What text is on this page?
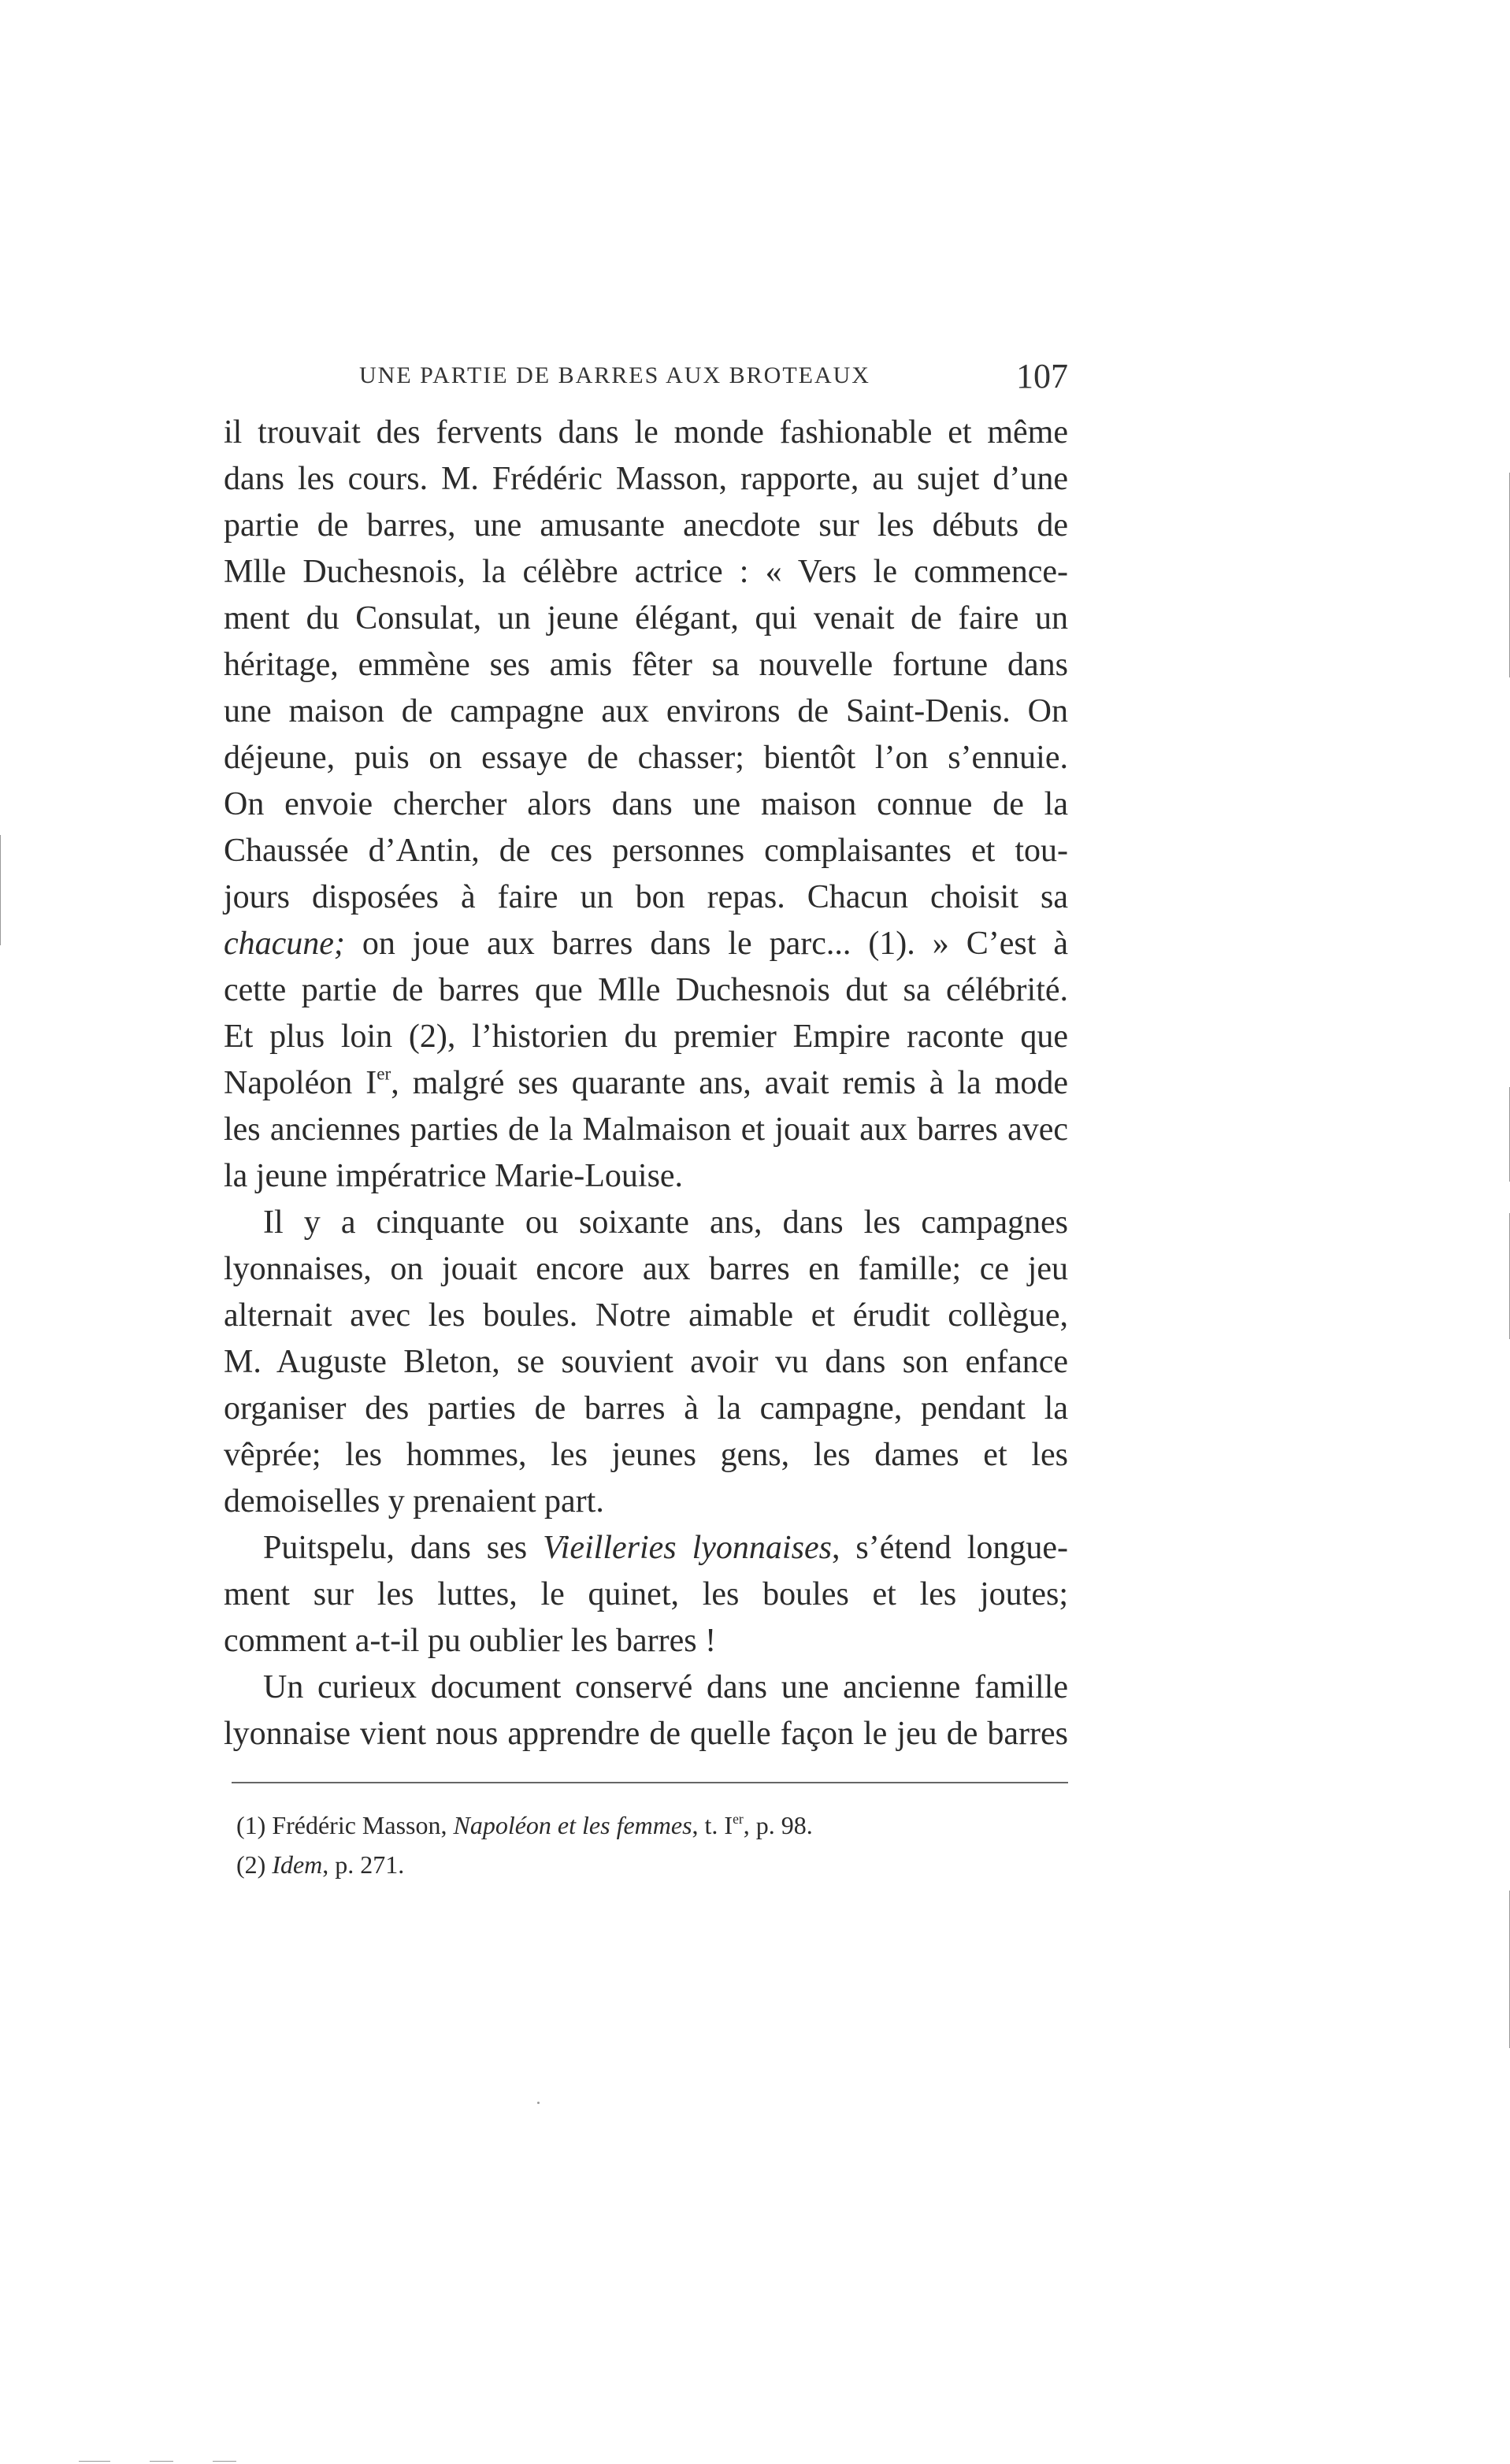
UNE PARTIE DE BARRES AUX BROTEAUX	107
il trouvait des fervents dans le monde fashionable et même
dans les cours. M. Frédéric Masson, rapporte, au sujet d’une
partie de barres, une amusante anecdote sur les débuts de
Mlle Duchesnois, la célèbre actrice : « Vers le commence-
ment du Consulat, un jeune élégant, qui venait de faire un
héritage, emmène ses amis fêter sa nouvelle fortune dans
une maison de campagne aux environs de Saint-Denis. On
déjeune, puis on essaye de chasser; bientôt l’on s’ennuie.
On envoie chercher alors dans une maison connue de la
Chaussée d’Antin, de ces personnes complaisantes et tou-
jours disposées à faire un bon repas. Chacun choisit sa
chacune; on joue aux barres dans le parc... (1). » C’est à
cette partie de barres que Mlle Duchesnois dut sa célébrité.
Et plus loin (2), l’historien du premier Empire raconte que
Napoléon Ier, malgré ses quarante ans, avait remis à la mode
les anciennes parties de la Malmaison et jouait aux barres avec
la jeune impératrice Marie-Louise.
Il y a cinquante ou soixante ans, dans les campagnes
lyonnaises, on jouait encore aux barres en famille; ce jeu
alternait avec les boules. Notre aimable et érudit collègue,
M. Auguste Bleton, se souvient avoir vu dans son enfance
organiser des parties de barres à la campagne, pendant la
vêprée; les hommes, les jeunes gens, les dames et les
demoiselles y prenaient part.
Puitspelu, dans ses Vieilleries lyonnaises, s’étend longue-
ment sur les luttes, le quinet, les boules et les joutes;
comment a-t-il pu oublier les barres !
Un curieux document conservé dans une ancienne famille
lyonnaise vient nous apprendre de quelle façon le jeu de barres
(1) Frédéric Masson, Napoléon et les femmes, t. Ier, p. 98.
(2) Idem, p. 271.
